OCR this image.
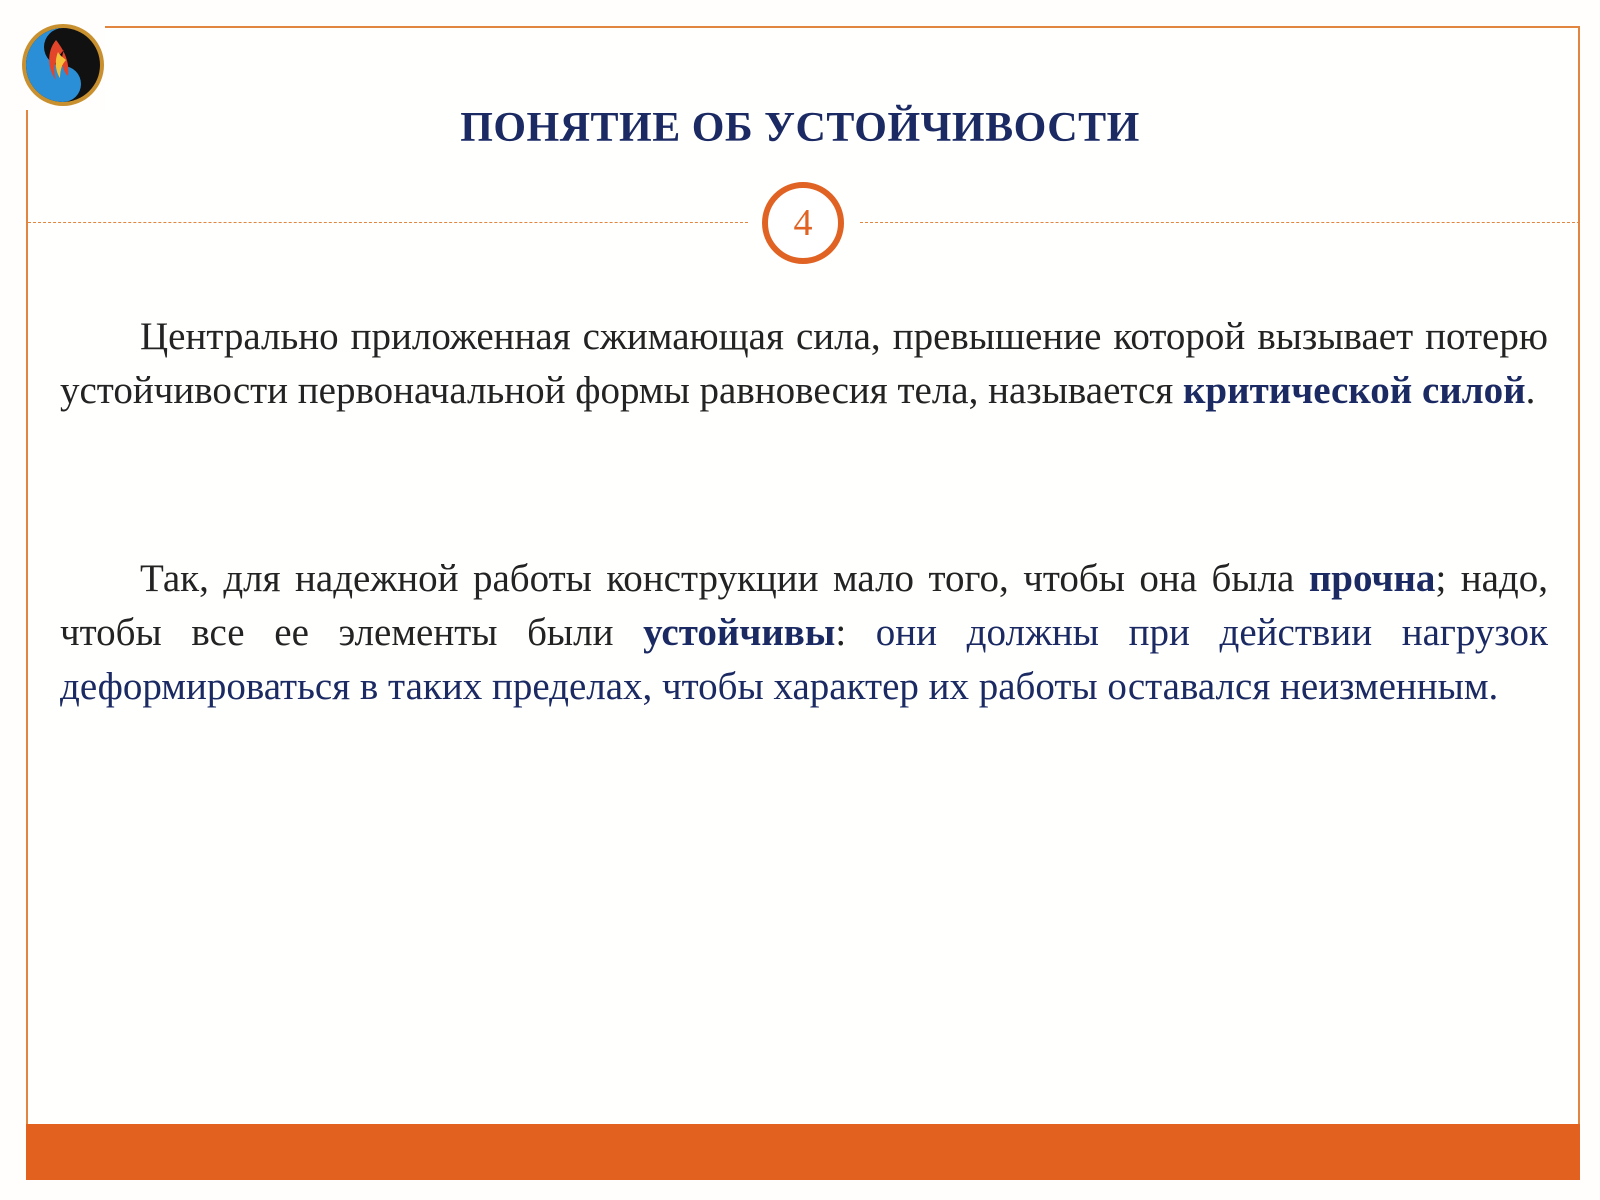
ПОНЯТИЕ ОБ УСТОЙЧИВОСТИ
4
Центрально приложенная сжимающая сила, превышение которой вызывает потерю устойчивости первоначальной формы равновесия тела, называется критической силой.
Так, для надежной работы конструкции мало того, чтобы она была прочна; надо, чтобы все ее элементы были устойчивы: они должны при действии нагрузок деформироваться в таких пределах, чтобы характер их работы оставался неизменным.
